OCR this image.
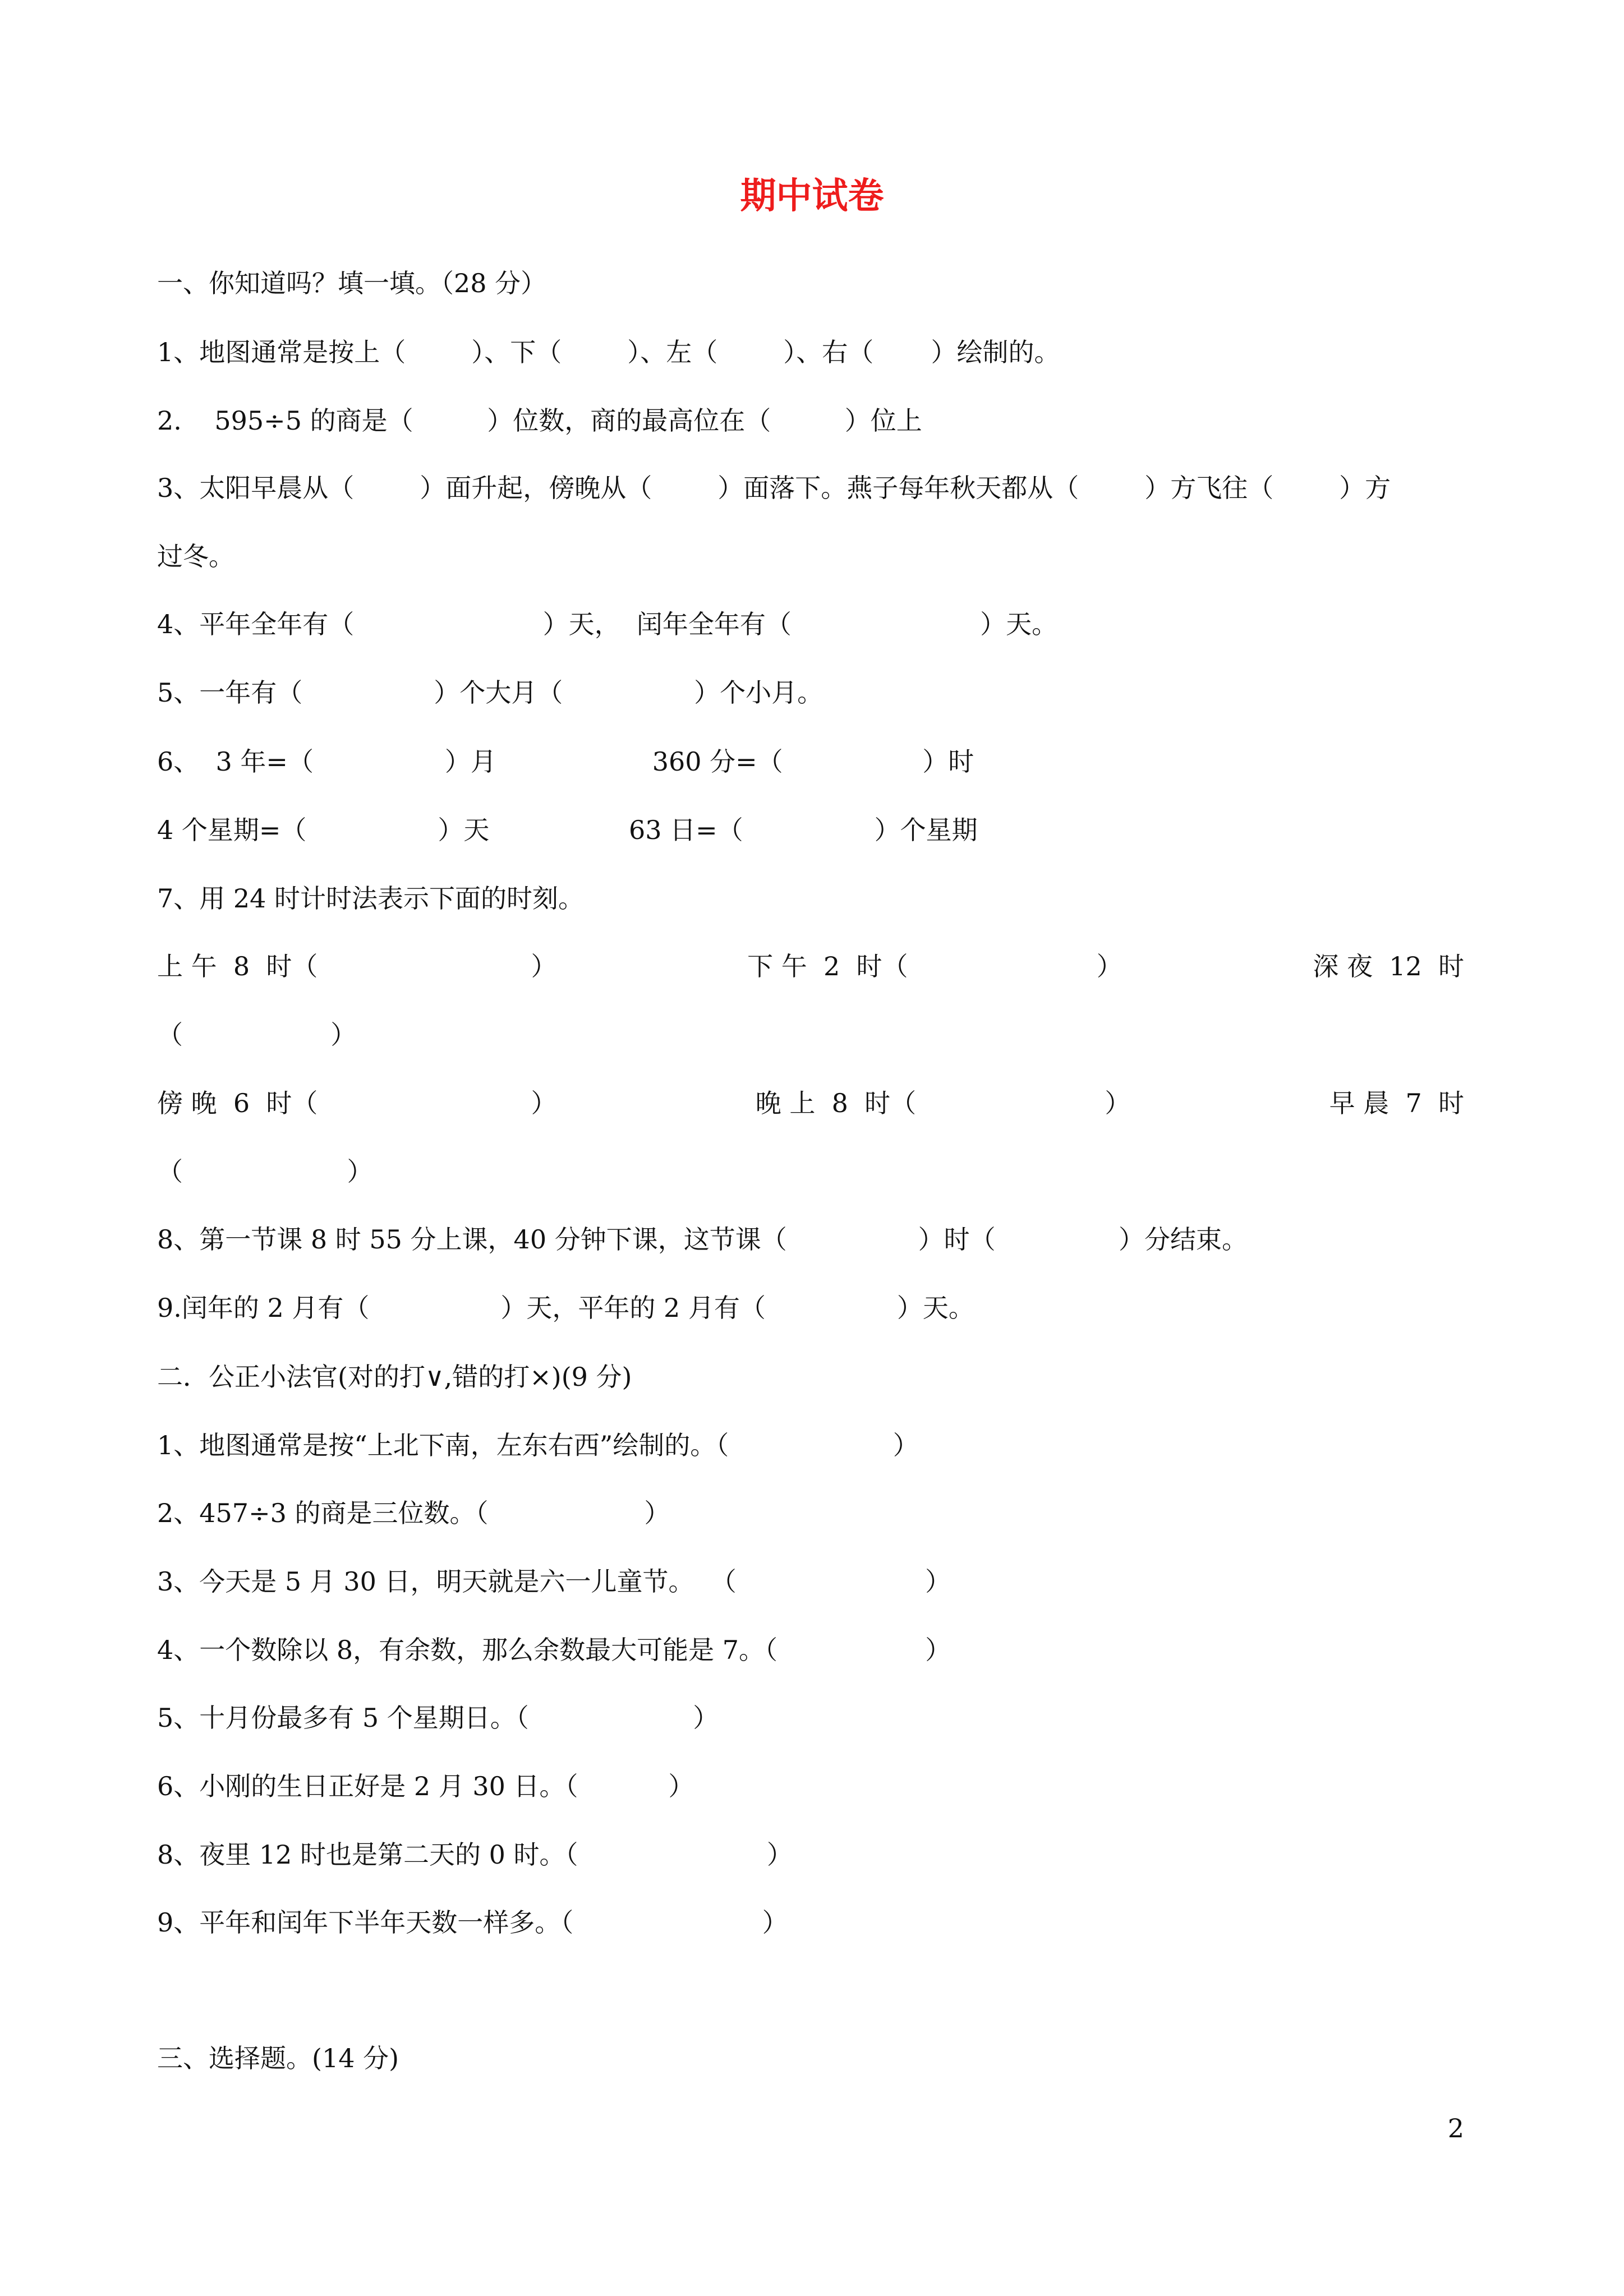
期中试卷
一、你知道吗？填一填。（28 分）
1、地图通常是按上（        ）、下（        ）、左（        ）、右（       ）绘制的。
2.    595÷5 的商是（         ）位数，商的最高位在（         ）位上
3、太阳早晨从（        ）面升起，傍晚从（        ）面落下。燕子每年秋天都从（        ）方飞往（        ）方
过冬。
4、平年全年有（                       ）天，  闰年全年有（                       ）天。
5、一年有（                ）个大月（                ）个小月。
6、  3 年=（                ）月                   360 分=（                 ）时
4 个星期=（                ）天                 63 日=（                ）个星期
7、用 24 时计时法表示下面的时刻。
上 午  8  时（                          ）	下 午  2  时（                       ）	深 夜  12  时
（                  ）
傍 晚  6  时（                          ）	晚 上  8  时（                       ）	早 晨  7  时
（                    ）
8、第一节课 8 时 55 分上课，40 分钟下课，这节课（                ）时（               ）分结束。
9.闰年的 2 月有（                ）天，平年的 2 月有（                ）天。
二．公正小法官(对的打∨,错的打×)(9 分)
1、地图通常是按“上北下南，左东右西”绘制的。（                    ）
2、457÷3 的商是三位数。（                   ）
3、今天是 5 月 30 日，明天就是六一儿童节。  （                       ）
4、一个数除以 8，有余数，那么余数最大可能是 7。（                  ）
5、十月份最多有 5 个星期日。（                    ）
6、小刚的生日正好是 2 月 30 日。（           ）
8、夜里 12 时也是第二天的 0 时。（                       ）
9、平年和闰年下半年天数一样多。（                       ）
三、选择题。(14 分)
2
